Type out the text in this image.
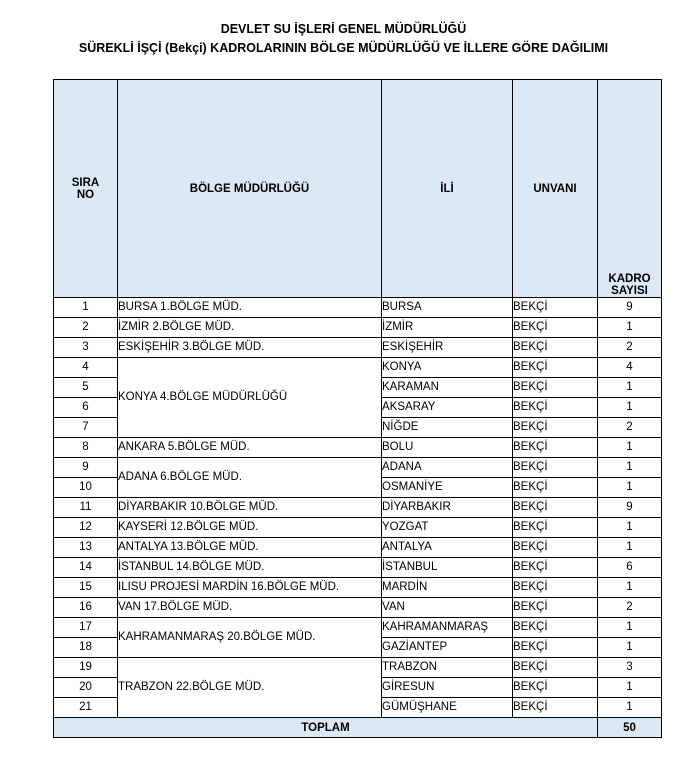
DEVLET SU İŞLERİ GENEL MÜDÜRLÜĞÜ
SÜREKLİ İŞÇİ (Bekçi) KADROLARININ BÖLGE MÜDÜRLÜĞÜ VE İLLERE GÖRE DAĞILIMI
SIRA
NO	BÖLGE MÜDÜRLÜĞÜ	İLİ	UNVANI	KADRO
SAYISI
1	BURSA 1.BÖLGE MÜD.	BURSA	BEKÇİ	9
2	İZMİR 2.BÖLGE MÜD.	İZMİR	BEKÇİ	1
3	ESKİŞEHİR 3.BÖLGE MÜD.	ESKİŞEHİR	BEKÇİ	2
4	KONYA 4.BÖLGE MÜDÜRLÜĞÜ	KONYA	BEKÇİ	4
5		KARAMAN	BEKÇİ	1
6		AKSARAY	BEKÇİ	1
7		NİĞDE	BEKÇİ	2
8	ANKARA 5.BÖLGE MÜD.	BOLU	BEKÇİ	1
9	ADANA 6.BÖLGE MÜD.	ADANA	BEKÇİ	1
10		OSMANİYE	BEKÇİ	1
11	DİYARBAKIR 10.BÖLGE MÜD.	DİYARBAKIR	BEKÇİ	9
12	KAYSERİ 12.BÖLGE MÜD.	YOZGAT	BEKÇİ	1
13	ANTALYA 13.BÖLGE MÜD.	ANTALYA	BEKÇİ	1
14	İSTANBUL 14.BÖLGE MÜD.	İSTANBUL	BEKÇİ	6
15	ILISU PROJESİ MARDİN 16.BÖLGE MÜD.	MARDİN	BEKÇİ	1
16	VAN 17.BÖLGE MÜD.	VAN	BEKÇİ	2
17	KAHRAMANMARAŞ 20.BÖLGE MÜD.	KAHRAMANMARAŞ	BEKÇİ	1
18		GAZİANTEP	BEKÇİ	1
19	TRABZON 22.BÖLGE MÜD.	TRABZON	BEKÇİ	3
20		GİRESUN	BEKÇİ	1
21		GÜMÜŞHANE	BEKÇİ	1
TOPLAM				50
